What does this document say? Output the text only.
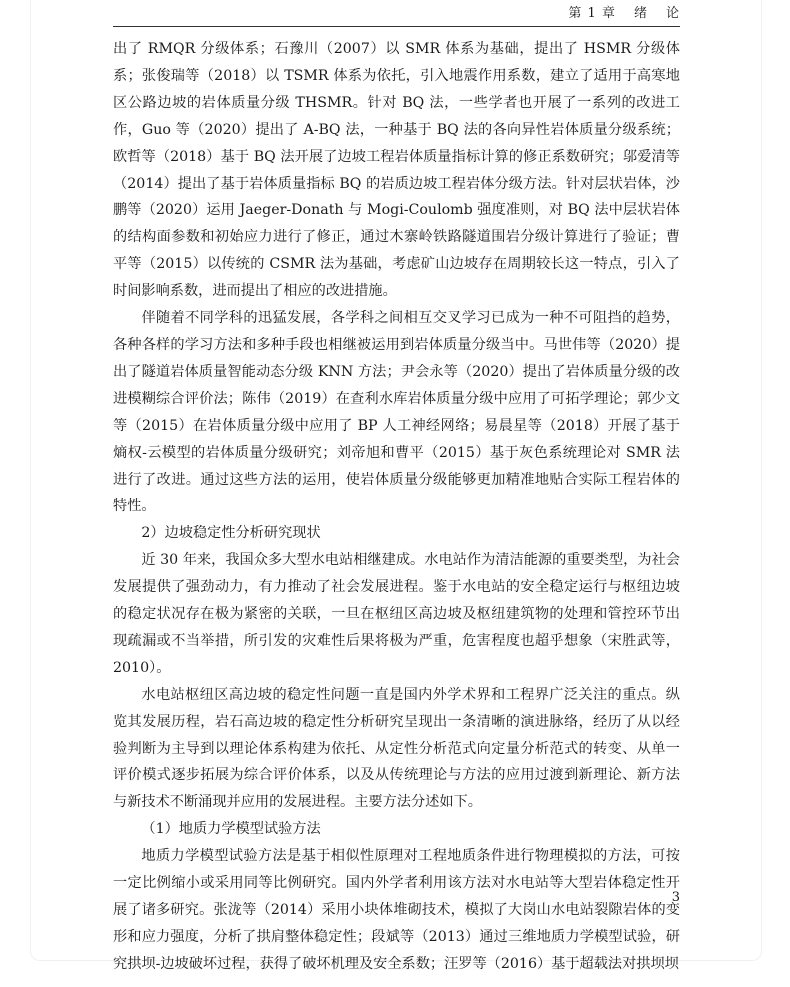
第 1 章 绪 论

出了 RMQR 分级体系；石豫川（2007）以 SMR 体系为基础，提出了 HSMR 分级体系；张俊瑞等（2018）以 TSMR 体系为依托，引入地震作用系数，建立了适用于高寒地区公路边坡的岩体质量分级 THSMR。针对 BQ 法，一些学者也开展了一系列的改进工作，Guo 等（2020）提出了 A-BQ 法，一种基于 BQ 法的各向异性岩体质量分级系统；欧哲等（2018）基于 BQ 法开展了边坡工程岩体质量指标计算的修正系数研究；邬爱清等（2014）提出了基于岩体质量指标 BQ 的岩质边坡工程岩体分级方法。针对层状岩体，沙鹏等（2020）运用 Jaeger-Donath 与 Mogi-Coulomb 强度准则，对 BQ 法中层状岩体的结构面参数和初始应力进行了修正，通过木寨岭铁路隧道围岩分级计算进行了验证；曹平等（2015）以传统的 CSMR 法为基础，考虑矿山边坡存在周期较长这一特点，引入了时间影响系数，进而提出了相应的改进措施。

伴随着不同学科的迅猛发展，各学科之间相互交叉学习已成为一种不可阻挡的趋势，各种各样的学习方法和多种手段也相继被运用到岩体质量分级当中。马世伟等（2020）提出了隧道岩体质量智能动态分级 KNN 方法；尹会永等（2020）提出了岩体质量分级的改进模糊综合评价法；陈伟（2019）在查利水库岩体质量分级中应用了可拓学理论；郭少文等（2015）在岩体质量分级中应用了 BP 人工神经网络；易晨星等（2018）开展了基于熵权-云模型的岩体质量分级研究；刘帝旭和曹平（2015）基于灰色系统理论对 SMR 法进行了改进。通过这些方法的运用，使岩体质量分级能够更加精准地贴合实际工程岩体的特性。

2）边坡稳定性分析研究现状

近 30 年来，我国众多大型水电站相继建成。水电站作为清洁能源的重要类型，为社会发展提供了强劲动力，有力推动了社会发展进程。鉴于水电站的安全稳定运行与枢纽边坡的稳定状况存在极为紧密的关联，一旦在枢纽区高边坡及枢纽建筑物的处理和管控环节出现疏漏或不当举措，所引发的灾难性后果将极为严重，危害程度也超乎想象（宋胜武等，2010）。

水电站枢纽区高边坡的稳定性问题一直是国内外学术界和工程界广泛关注的重点。纵览其发展历程，岩石高边坡的稳定性分析研究呈现出一条清晰的演进脉络，经历了从以经验判断为主导到以理论体系构建为依托、从定性分析范式向定量分析范式的转变、从单一评价模式逐步拓展为综合评价体系，以及从传统理论与方法的应用过渡到新理论、新方法与新技术不断涌现并应用的发展进程。主要方法分述如下。

（1）地质力学模型试验方法

地质力学模型试验方法是基于相似性原理对工程地质条件进行物理模拟的方法，可按一定比例缩小或采用同等比例研究。国内外学者利用该方法对水电站等大型岩体稳定性开展了诸多研究。张泷等（2014）采用小块体堆砌技术，模拟了大岗山水电站裂隙岩体的变形和应力强度，分析了拱肩整体稳定性；段斌等（2013）通过三维地质力学模型试验，研究拱坝-边坡破坏过程，获得了破坏机理及安全系数；汪罗等（2016）基于超载法对拱坝坝

3
